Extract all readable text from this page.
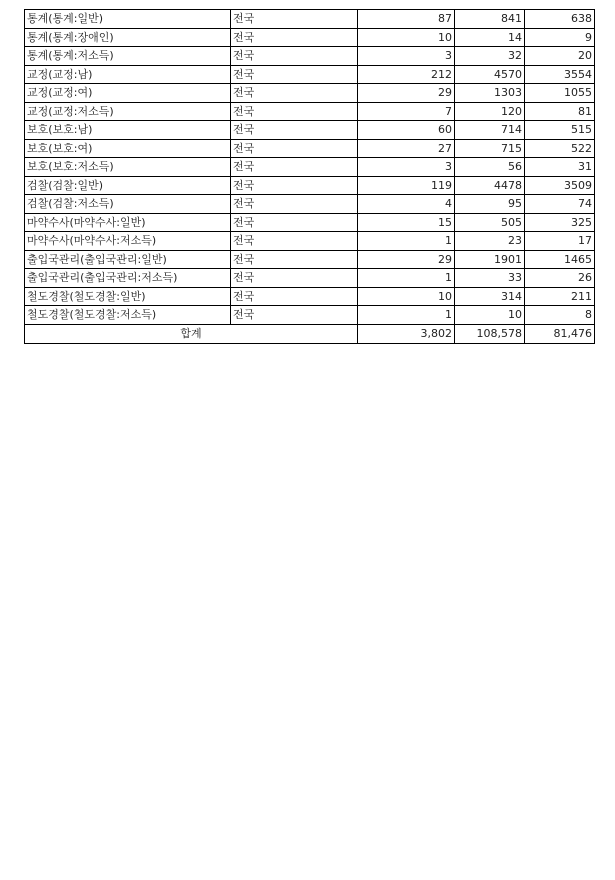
통계(통계:일반)	전국	87	841	638
통계(통계:장애인)	전국	10	14	9
통계(통계:저소득)	전국	3	32	20
교정(교정:남)	전국	212	4570	3554
교정(교정:여)	전국	29	1303	1055
교정(교정:저소득)	전국	7	120	81
보호(보호:남)	전국	60	714	515
보호(보호:여)	전국	27	715	522
보호(보호:저소득)	전국	3	56	31
검찰(검찰:일반)	전국	119	4478	3509
검찰(검찰:저소득)	전국	4	95	74
마약수사(마약수사:일반)	전국	15	505	325
마약수사(마약수사:저소득)	전국	1	23	17
출입국관리(출입국관리:일반)	전국	29	1901	1465
출입국관리(출입국관리:저소득)	전국	1	33	26
철도경찰(철도경찰:일반)	전국	10	314	211
철도경찰(철도경찰:저소득)	전국	1	10	8
합계		3,802	108,578	81,476
